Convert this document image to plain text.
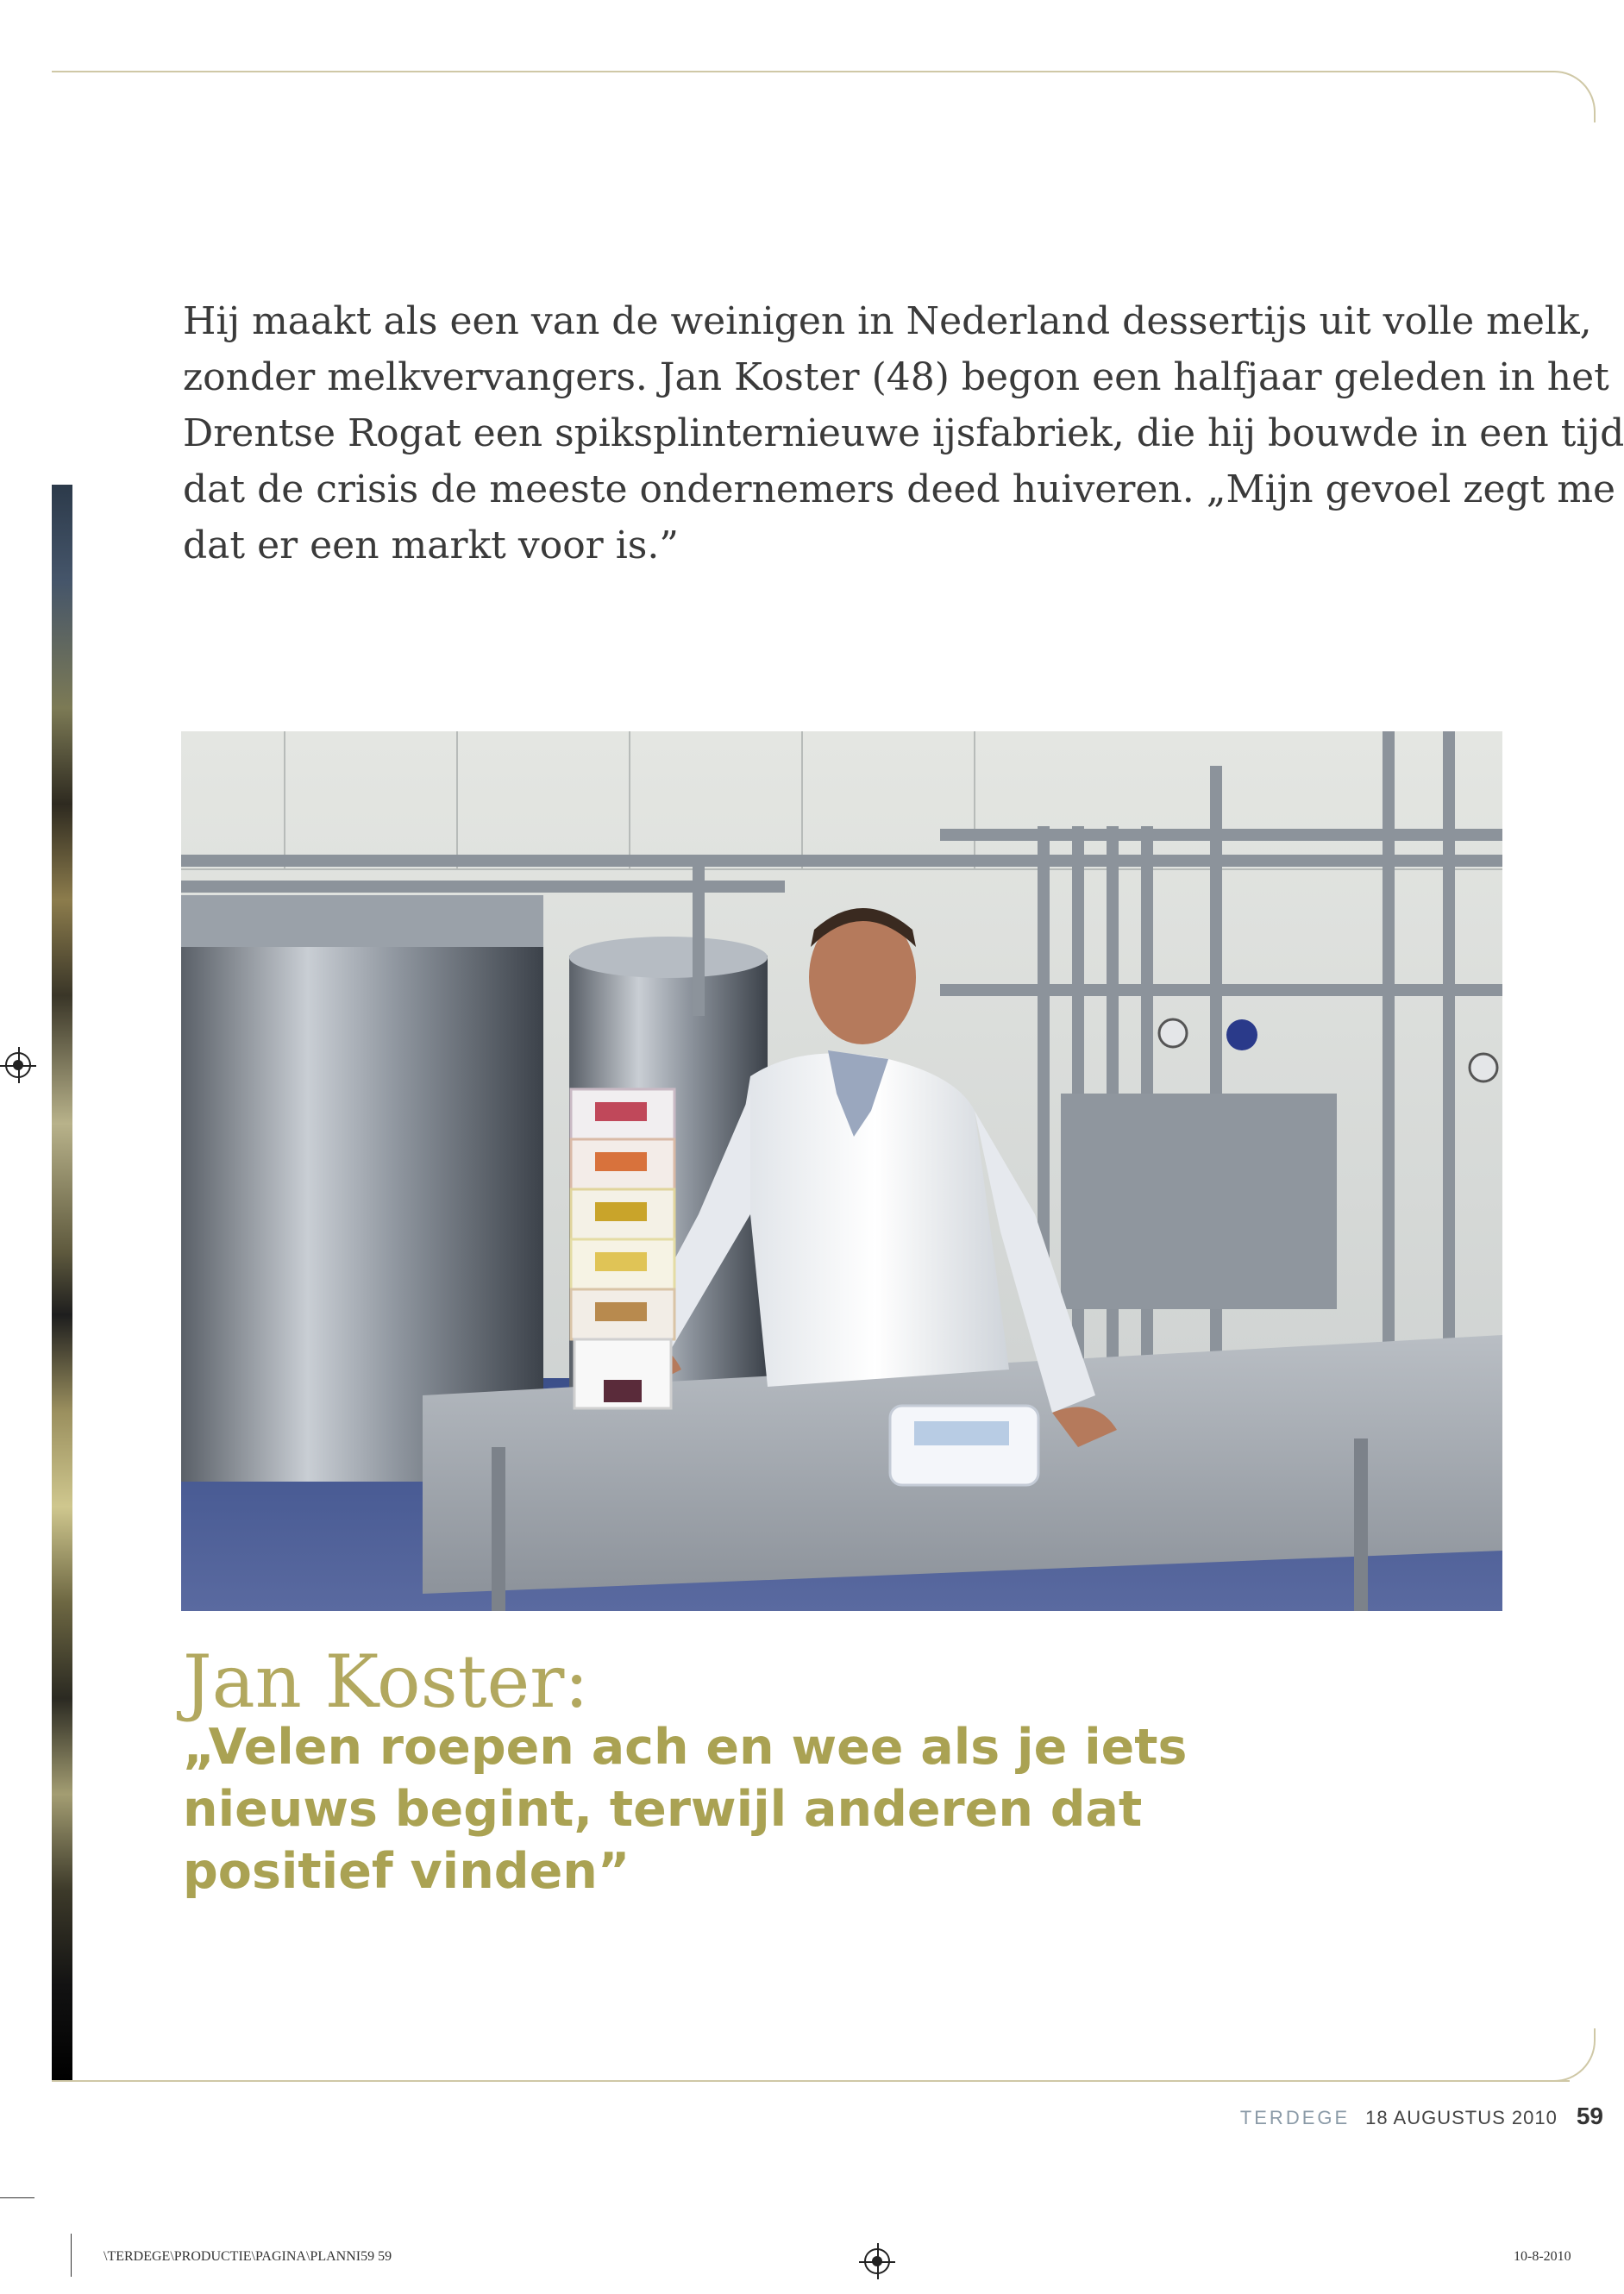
Hij maakt als een van de weinigen in Nederland dessertijs uit volle melk,
zonder melkvervangers. Jan Koster (48) begon een halfjaar geleden in het
Drentse Rogat een spiksplinternieuwe ijsfabriek, die hij bouwde in een tijd
dat de crisis de meeste ondernemers deed huiveren. „Mijn gevoel zegt me
dat er een markt voor is.”

Jan Koster:

„Velen roepen ach en wee als je iets
nieuws begint, terwijl anderen dat
positief vinden”

TERDEGE 18 AUGUSTUS 2010 59
\TERDEGE\PRODUCTIE\PAGINA\PLANNI59 59	10-8-2010
